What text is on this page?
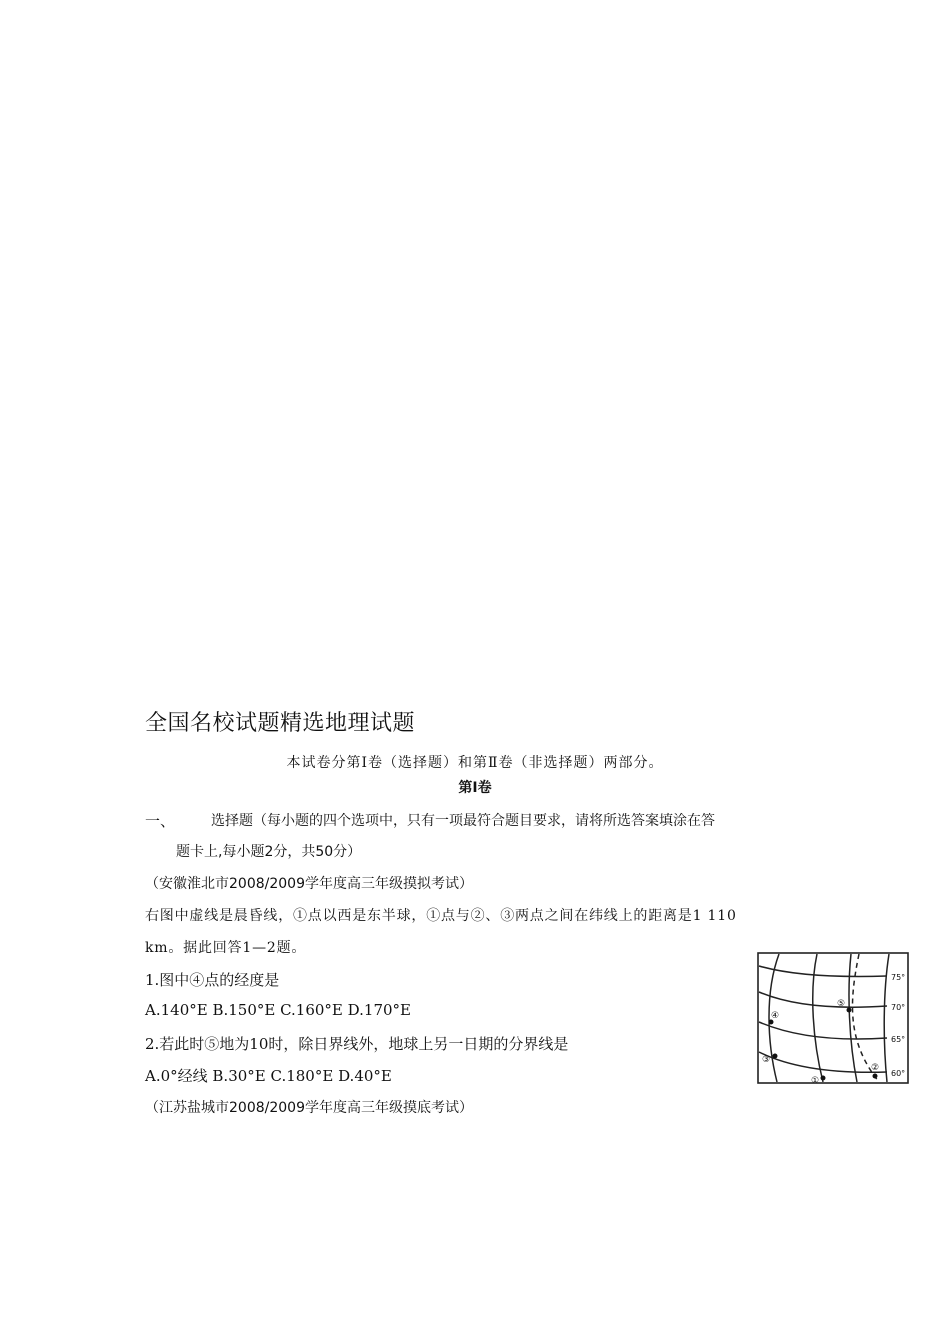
全国名校试题精选地理试题
本试卷分第Ⅰ卷（选择题）和第Ⅱ卷（非选择题）两部分。
第Ⅰ卷
一、	选择题（每小题的四个选项中，只有一项最符合题目要求，请将所选答案填涂在答
题卡上,每小题2分，共50分）
（安徽淮北市2008/2009学年度高三年级摸拟考试）
右图中虚线是晨昏线，①点以西是东半球，①点与②、③两点之间在纬线上的距离是1 110
km。据此回答1—2题。
1.图中④点的经度是
A.140°E B.150°E C.160°E D.170°E
2.若此时⑤地为10时，除日界线外，地球上另一日期的分界线是
A.0°经线 B.30°E C.180°E D.40°E
（江苏盐城市2008/2009学年度高三年级摸底考试）
①
②
③
④
⑤
75°
70°
65°
60°
